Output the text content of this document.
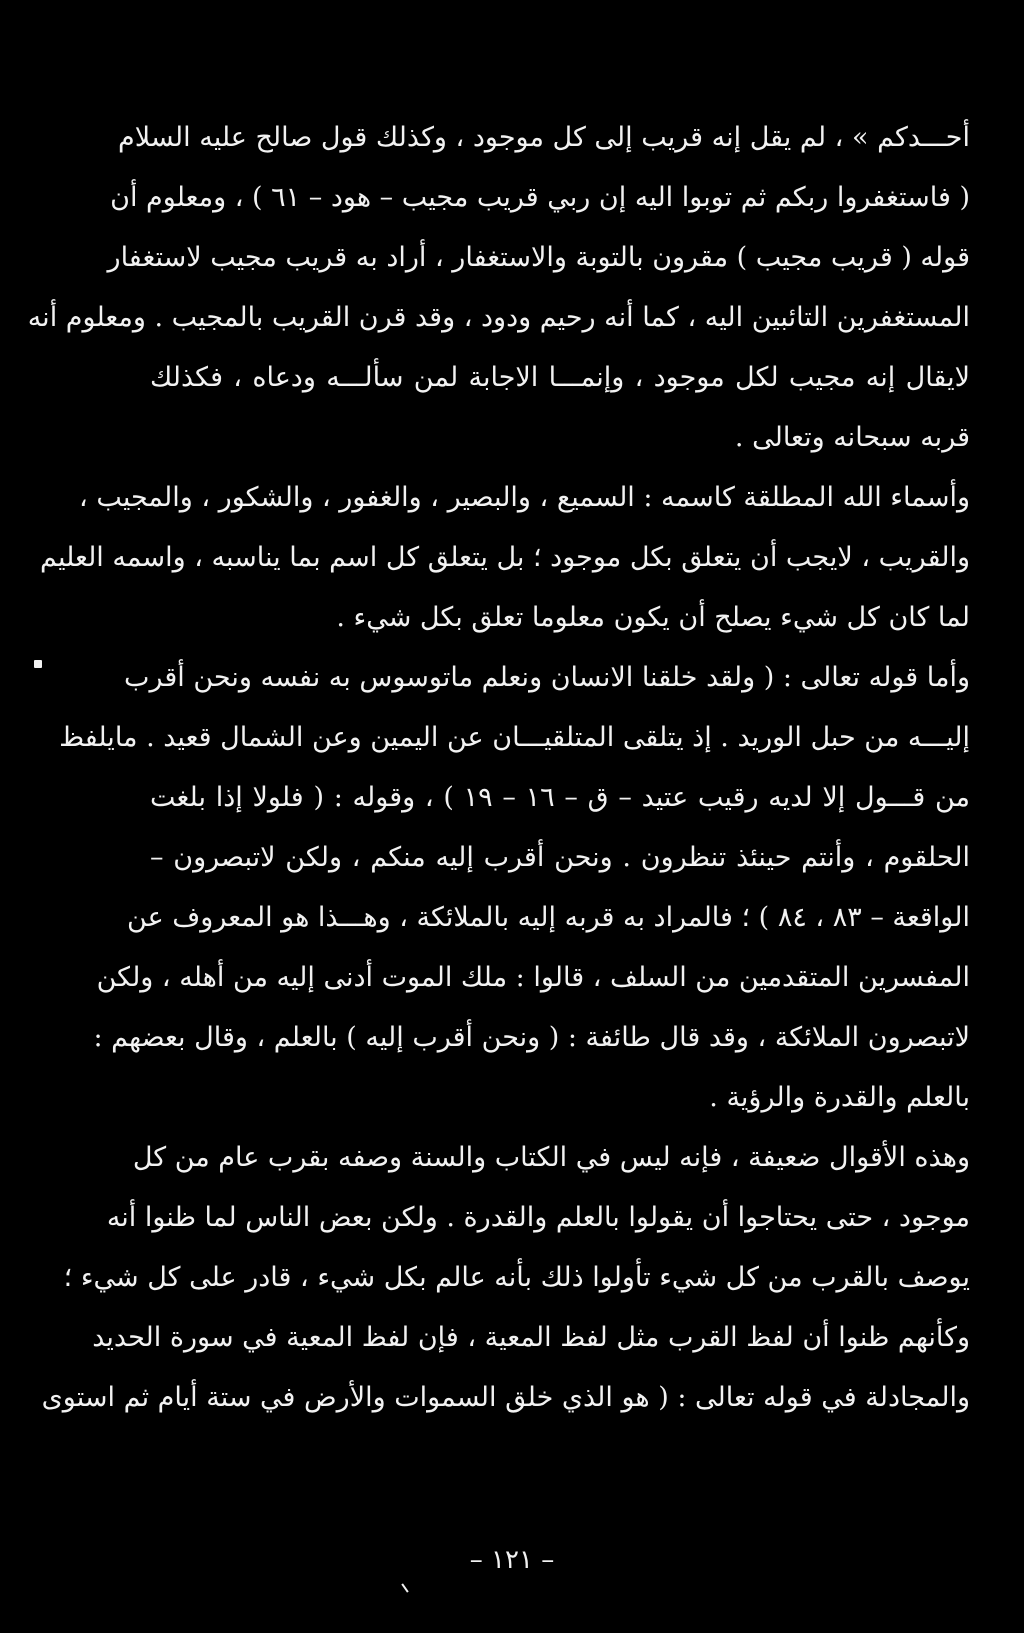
أحـــدكم » ، لم يقل إنه قريب إلى كل موجود ، وكذلك قول صالح عليه السلام
( فاستغفروا ربكم ثم توبوا اليه إن ربي قريب مجيب – هود – ٦١ ) ، ومعلوم أن
قوله ( قريب مجيب ) مقرون بالتوبة والاستغفار ، أراد به قريب مجيب لاستغفار
المستغفرين التائبين اليه ، كما أنه رحيم ودود ، وقد قرن القريب بالمجيب . ومعلوم أنه
لايقال إنه مجيب لكل موجود ، وإنمـــا الاجابة لمن سألـــه ودعاه ، فكذلك
قربه سبحانه وتعالى .
وأسماء الله المطلقة كاسمه : السميع ، والبصير ، والغفور ، والشكور ، والمجيب ،
والقريب ، لايجب أن يتعلق بكل موجود ؛ بل يتعلق كل اسم بما يناسبه ، واسمه العليم
لما كان كل شيء يصلح أن يكون معلوما تعلق بكل شيء .
وأما قوله تعالى : ( ولقد خلقنا الانسان ونعلم ماتوسوس به نفسه ونحن أقرب
إليـــه من حبل الوريد . إذ يتلقى المتلقيـــان عن اليمين وعن الشمال قعيد . مايلفظ
من قـــول إلا لديه رقيب عتيد – ق – ١٦ – ١٩ ) ، وقوله : ( فلولا إذا بلغت
الحلقوم ، وأنتم حينئذ تنظرون . ونحن أقرب إليه منكم ، ولكن لاتبصرون –
الواقعة – ٨٣ ، ٨٤ ) ؛ فالمراد به قربه إليه بالملائكة ، وهـــذا هو المعروف عن
المفسرين المتقدمين من السلف ، قالوا : ملك الموت أدنى إليه من أهله ، ولكن
لاتبصرون الملائكة ، وقد قال طائفة : ( ونحن أقرب إليه ) بالعلم ، وقال بعضهم :
بالعلم والقدرة والرؤية .
وهذه الأقوال ضعيفة ، فإنه ليس في الكتاب والسنة وصفه بقرب عام من كل
موجود ، حتى يحتاجوا أن يقولوا بالعلم والقدرة . ولكن بعض الناس لما ظنوا أنه
يوصف بالقرب من كل شيء تأولوا ذلك بأنه عالم بكل شيء ، قادر على كل شيء ؛
وكأنهم ظنوا أن لفظ القرب مثل لفظ المعية ، فإن لفظ المعية في سورة الحديد
والمجادلة في قوله تعالى : ( هو الذي خلق السموات والأرض في ستة أيام ثم استوى
– ١٢١ –
